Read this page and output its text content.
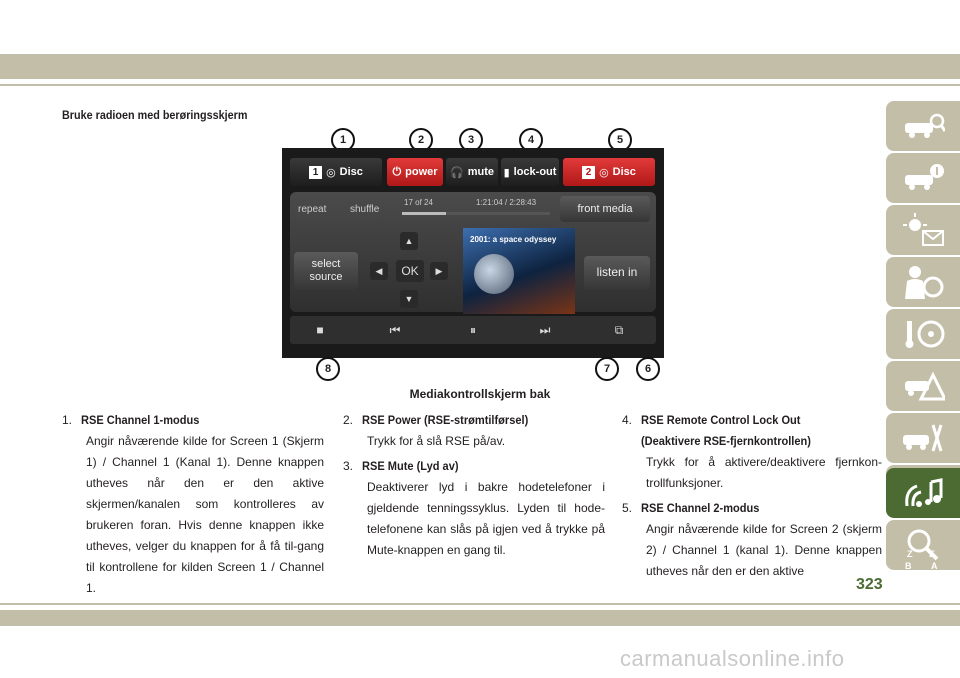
Bruke radioen med berøringsskjerm
1	2	3	4	5
1 ◎ Disc	⏻ power 🎧 mute ▮ lock-out	2 ◎ Disc
repeat shuffle
17 of 24	1:21:04 / 2:28:43
front media
select source
▲
◀	OK	▶
▼
2001: a space odyssey
listen in
■	⏮	⏸	⏭	⧉
8	7	6
Mediakontrollskjerm bak
1. RSE Channel 1-modus
Angir nåværende kilde for Screen 1 (Skjerm 1) / Channel 1 (Kanal 1). Denne knappen utheves når den er den aktive skjermen/kanalen som kontrolleres av brukeren foran. Hvis denne knappen ikke utheves, velger du knappen for å få til-gang til kontrollene for kilden Screen 1 / Channel 1.
2. RSE Power (RSE-strømtilførsel)
Trykk for å slå RSE på/av.
3. RSE Mute (Lyd av)
Deaktiverer lyd i bakre hodetelefoner i gjeldende tenningssyklus. Lyden til hode-telefonene kan slås på igjen ved å trykke på Mute-knappen en gang til.
4. RSE Remote Control Lock Out (Deaktivere RSE-fjernkontrollen)
Trykk for å aktivere/deaktivere fjernkon-trollfunksjoner.
5. RSE Channel 2-modus
Angir nåværende kilde for Screen 2 (skjerm 2) / Channel 1 (kanal 1). Denne knappen utheves når den er den aktive
Z E
B A
I C T D
323
carmanualsonline.info
